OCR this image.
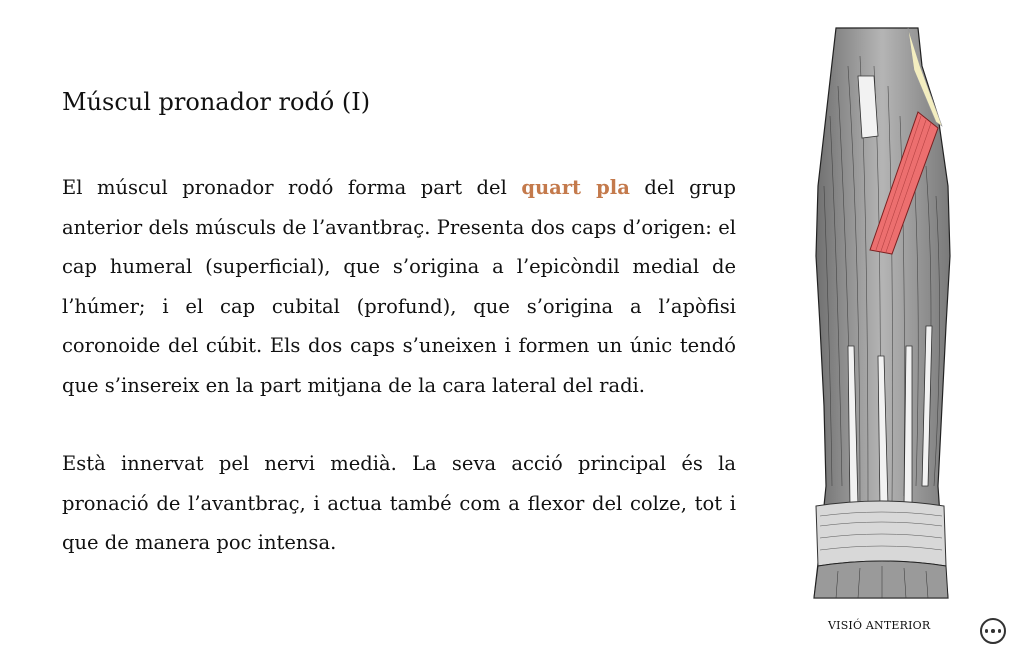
Múscul pronador rodó (I)

El múscul pronador rodó forma part del quart pla del grup anterior dels músculs de l’avantbraç. Presenta dos caps d’origen: el cap humeral (superficial), que s’origina a l’epicòndil medial de l’húmer; i el cap cubital (profund), que s’origina a l’apòfisi coronoide del cúbit. Els dos caps s’uneixen i formen un únic tendó que s’insereix en la part mitjana de la cara lateral del radi.

Està innervat pel nervi medià. La seva acció principal és la pronació de l’avantbraç, i actua també com a flexor del colze, tot i que de manera poc intensa.

VISIÓ ANTERIOR
